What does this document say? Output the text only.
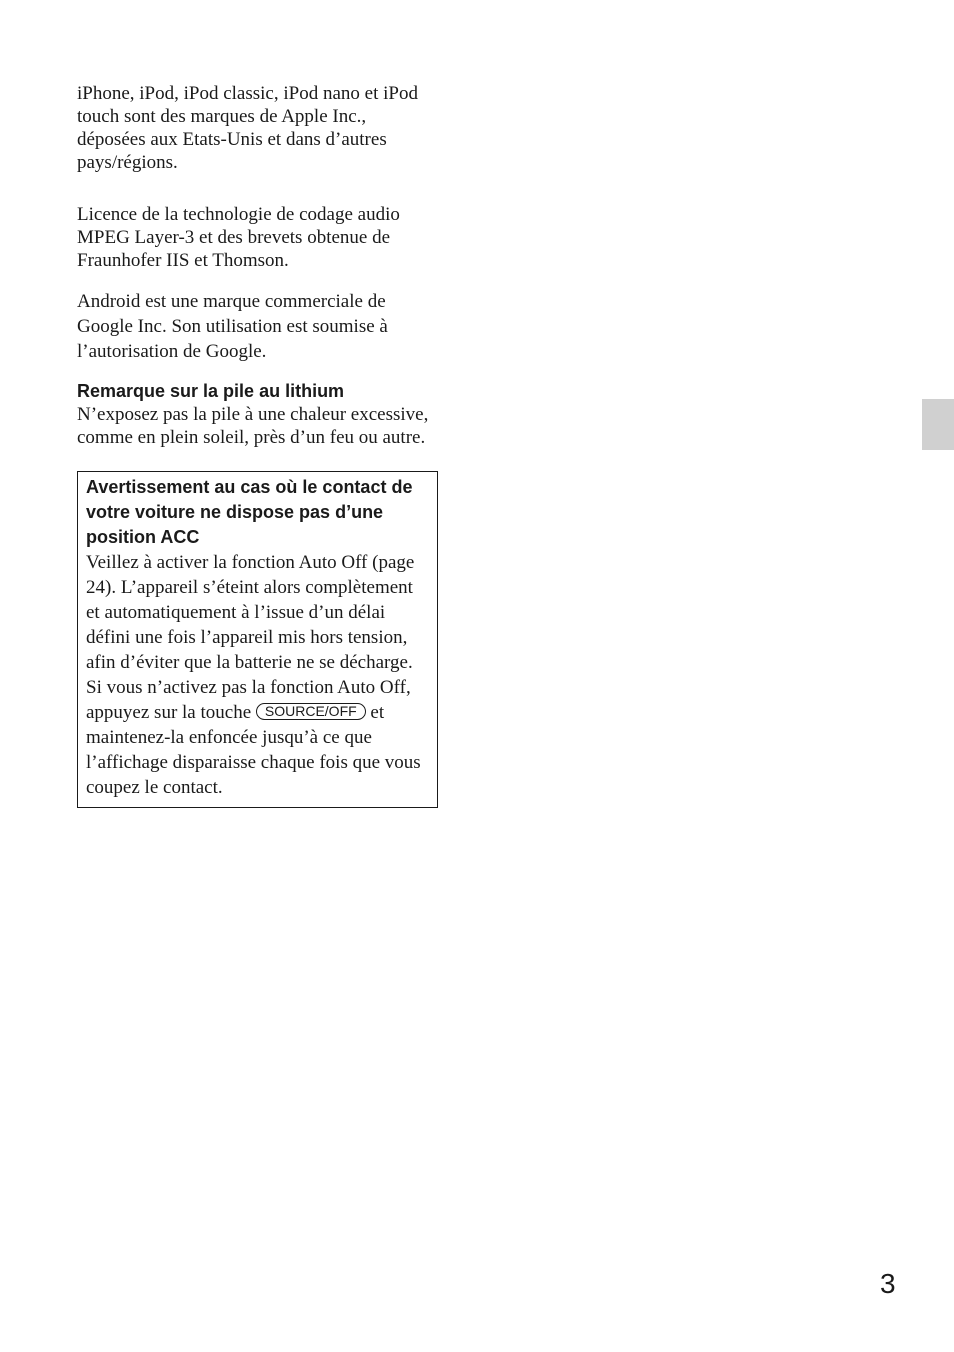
iPhone, iPod, iPod classic, iPod nano et iPod touch sont des marques de Apple Inc., déposées aux Etats-Unis et dans d’autres pays/régions.

Licence de la technologie de codage audio MPEG Layer-3 et des brevets obtenue de Fraunhofer IIS et Thomson.

Android est une marque commerciale de Google Inc. Son utilisation est soumise à l’autorisation de Google.

Remarque sur la pile au lithium

N’exposez pas la pile à une chaleur excessive, comme en plein soleil, près d’un feu ou autre.

Avertissement au cas où le contact de votre voiture ne dispose pas d’une position ACC

Veillez à activer la fonction Auto Off (page 24). L’appareil s’éteint alors complètement et automatiquement à l’issue d’un délai défini une fois l’appareil mis hors tension, afin d’éviter que la batterie ne se décharge. Si vous n’activez pas la fonction Auto Off, appuyez sur la touche SOURCE/OFF et maintenez-la enfoncée jusqu’à ce que l’affichage disparaisse chaque fois que vous coupez le contact.

3
